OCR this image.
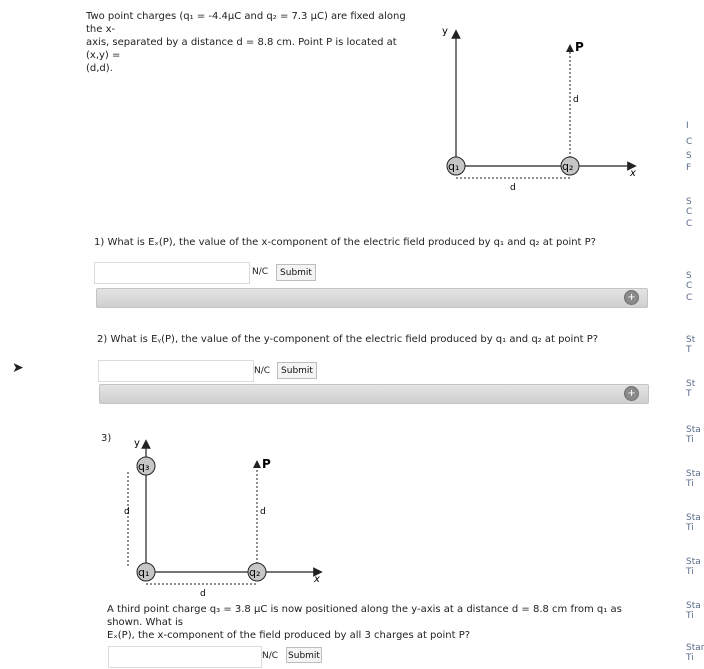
Two point charges (q₁ = -4.4μC and q₂ = 7.3 μC) are fixed along the x-
axis, separated by a distance d = 8.8 cm. Point P is located at (x,y) =
(d,d).
y
x
P
d
d
q₁	q₂
1) What is Eₓ(P), the value of the x-component of the electric field produced by q₁ and q₂ at point P?
N/C	Submit
+
2) What is Eᵧ(P), the value of the y-component of the electric field produced by q₁ and q₂ at point P?
➤	N/C	Submit
+
3) y
x
d
P
d
d
q₃
q₁	q₂
A third point charge q₃ = 3.8 μC is now positioned along the y-axis at a distance d = 8.8 cm from q₁ as shown. What is
Eₓ(P), the x-component of the field produced by all 3 charges at point P?
N/C Submit
I
C
S
F
S
C
C
S
C
C
St
T
St
T
Sta
Ti
Sta
Ti
Sta
Ti
Sta
Ti
Sta
Ti
Star
Ti
